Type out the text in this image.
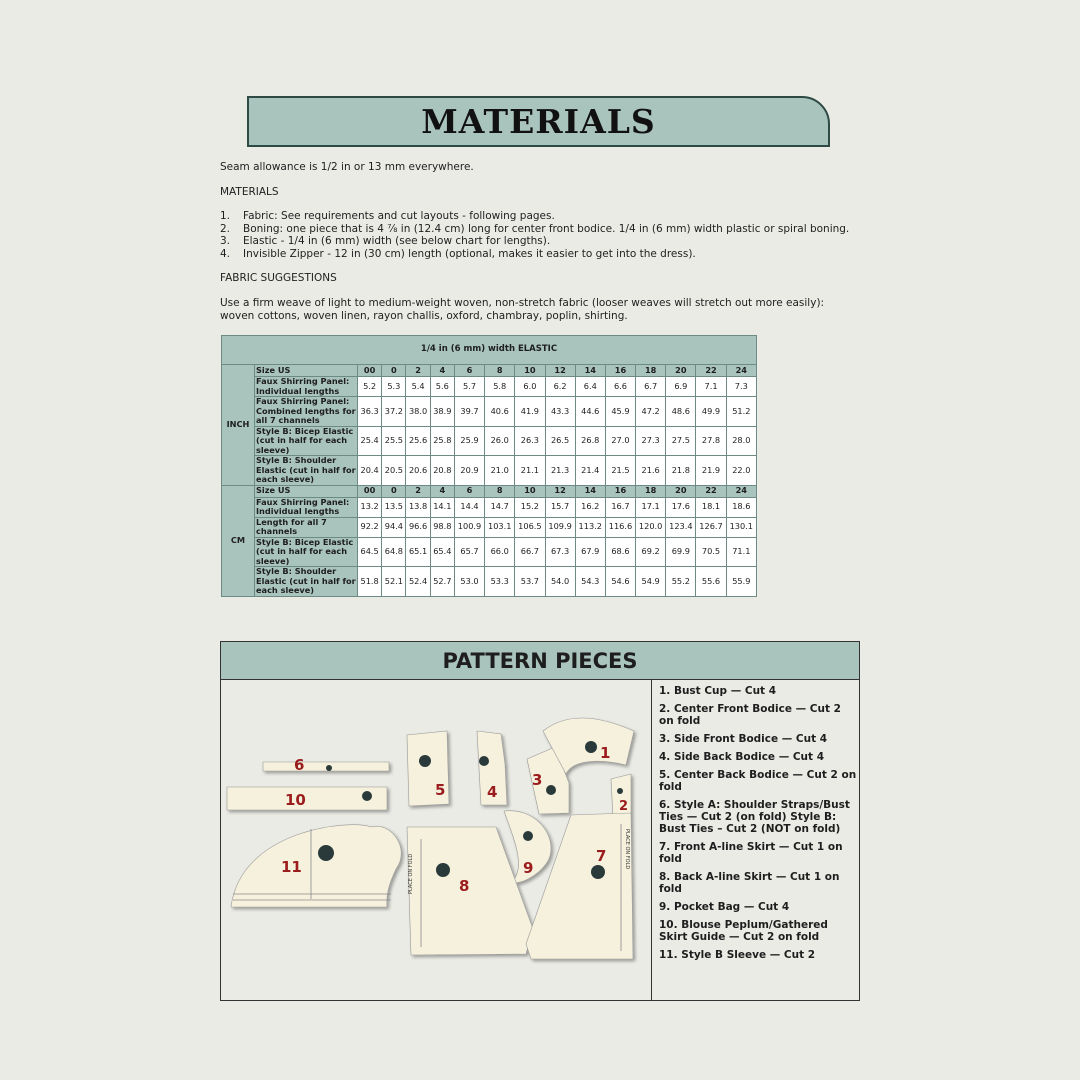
MATERIALS
Seam allowance is 1/2 in or 13 mm everywhere.
MATERIALS
1. Fabric: See requirements and cut layouts - following pages.
2. Boning: one piece that is 4 ⅞ in (12.4 cm) long for center front bodice. 1/4 in (6 mm) width plastic or spiral boning.
3. Elastic - 1/4 in (6 mm) width (see below chart for lengths).
4. Invisible Zipper - 12 in (30 cm) length (optional, makes it easier to get into the dress).
FABRIC SUGGESTIONS
Use a firm weave of light to medium-weight woven, non-stretch fabric (looser weaves will stretch out more easily): woven cottons, woven linen, rayon challis, oxford, chambray, poplin, shirting.
1/4 in (6 mm) width ELASTIC															
INCH	Size US	00	0	2	4	6	8	10	12	14	16	18	20	22	24
	Faux Shirring Panel: Individual lengths	5.2	5.3	5.4	5.6	5.7	5.8	6.0	6.2	6.4	6.6	6.7	6.9	7.1	7.3
	Faux Shirring Panel: Combined lengths for all 7 channels	36.3	37.2	38.0	38.9	39.7	40.6	41.9	43.3	44.6	45.9	47.2	48.6	49.9	51.2
	Style B: Bicep Elastic (cut in half for each sleeve)	25.4	25.5	25.6	25.8	25.9	26.0	26.3	26.5	26.8	27.0	27.3	27.5	27.8	28.0
	Style B: Shoulder Elastic (cut in half for each sleeve)	20.4	20.5	20.6	20.8	20.9	21.0	21.1	21.3	21.4	21.5	21.6	21.8	21.9	22.0
CM	Size US	00	0	2	4	6	8	10	12	14	16	18	20	22	24
	Faux Shirring Panel: Individual lengths	13.2	13.5	13.8	14.1	14.4	14.7	15.2	15.7	16.2	16.7	17.1	17.6	18.1	18.6
	Length for all 7 channels	92.2	94.4	96.6	98.8	100.9	103.1	106.5	109.9	113.2	116.6	120.0	123.4	126.7	130.1
	Style B: Bicep Elastic (cut in half for each sleeve)	64.5	64.8	65.1	65.4	65.7	66.0	66.7	67.3	67.9	68.6	69.2	69.9	70.5	71.1
	Style B: Shoulder Elastic (cut in half for each sleeve)	51.8	52.1	52.4	52.7	53.0	53.3	53.7	54.0	54.3	54.6	54.9	55.2	55.6	55.9
PATTERN PIECES
PLACE ON FOLD
PLACE ON FOLD
1
2
3
4
5
6
7
8
9
10
11
1. Bust Cup — Cut 4
2. Center Front Bodice — Cut 2 on fold
3. Side Front Bodice — Cut 4
4. Side Back Bodice — Cut 4
5. Center Back Bodice — Cut 2 on fold
6. Style A: Shoulder Straps/Bust Ties — Cut 2 (on fold) Style B: Bust Ties – Cut 2 (NOT on fold)
7. Front A-line Skirt — Cut 1 on fold
8. Back A-line Skirt — Cut 1 on fold
9. Pocket Bag — Cut 4
10. Blouse Peplum/Gathered Skirt Guide — Cut 2 on fold
11. Style B Sleeve — Cut 2
